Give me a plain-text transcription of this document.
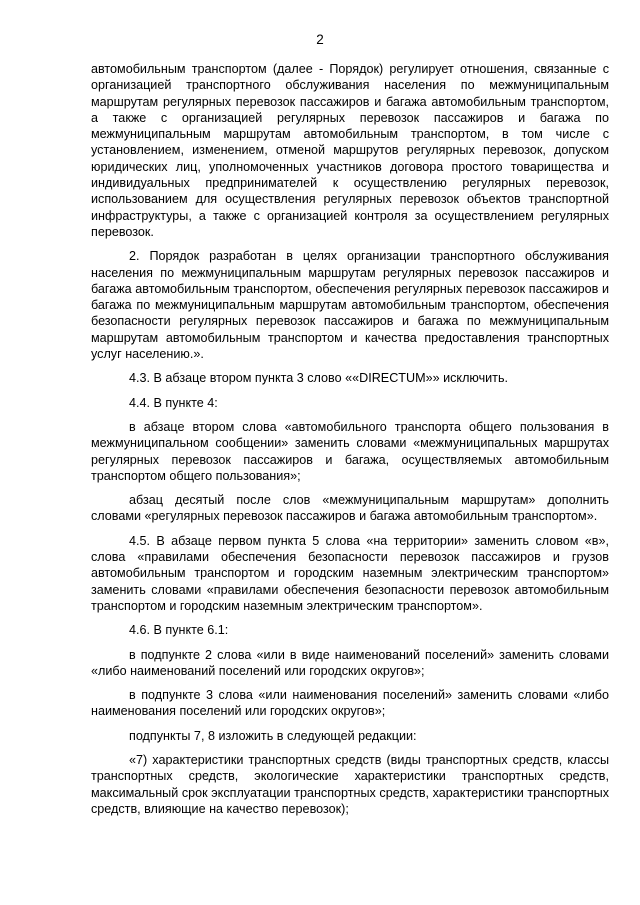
2

автомобильным транспортом (далее - Порядок) регулирует отношения, связанные с организацией транспортного обслуживания населения по межмуниципальным маршрутам регулярных перевозок пассажиров и багажа автомобильным транспортом, а также с организацией регулярных перевозок пассажиров и багажа по межмуниципальным маршрутам автомобильным транспортом, в том числе с установлением, изменением, отменой маршрутов регулярных перевозок, допуском юридических лиц, уполномоченных участников договора простого товарищества и индивидуальных предпринимателей к осуществлению регулярных перевозок, использованием для осуществления регулярных перевозок объектов транспортной инфраструктуры, а также с организацией контроля за осуществлением регулярных перевозок.

2. Порядок разработан в целях организации транспортного обслуживания населения по межмуниципальным маршрутам регулярных перевозок пассажиров и багажа автомобильным транспортом, обеспечения регулярных перевозок пассажиров и багажа по межмуниципальным маршрутам автомобильным транспортом, обеспечения безопасности регулярных перевозок пассажиров и багажа по межмуниципальным маршрутам автомобильным транспортом и качества предоставления транспортных услуг населению.».

4.3. В абзаце втором пункта 3 слово ««DIRECTUM»» исключить.

4.4. В пункте 4:

в абзаце втором слова «автомобильного транспорта общего пользования в межмуниципальном сообщении» заменить словами «межмуниципальных маршрутах регулярных перевозок пассажиров и багажа, осуществляемых автомобильным транспортом общего пользования»;

абзац десятый после слов «межмуниципальным маршрутам» дополнить словами «регулярных перевозок пассажиров и багажа автомобильным транспортом».

4.5. В абзаце первом пункта 5 слова «на территории» заменить словом «в», слова «правилами обеспечения безопасности перевозок пассажиров и грузов автомобильным транспортом и городским наземным электрическим транспортом» заменить словами «правилами обеспечения безопасности перевозок автомобильным транспортом и городским наземным электрическим транспортом».

4.6. В пункте 6.1:

в подпункте 2 слова «или в виде наименований поселений» заменить словами «либо наименований поселений или городских округов»;

в подпункте 3 слова «или наименования поселений» заменить словами «либо наименования поселений или городских округов»;

подпункты 7, 8 изложить в следующей редакции:

«7) характеристики транспортных средств (виды транспортных средств, классы транспортных средств, экологические характеристики транспортных средств, максимальный срок эксплуатации транспортных средств, характеристики транспортных средств, влияющие на качество перевозок);
